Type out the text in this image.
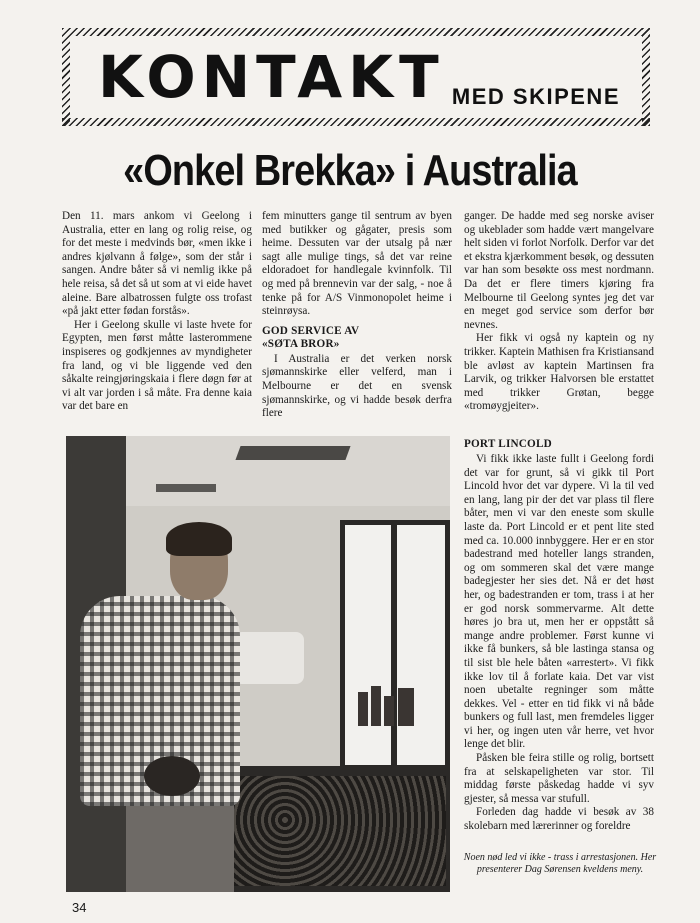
KONTAKT MED SKIPENE
«Onkel Brekka» i Australia

Den 11. mars ankom vi Geelong i Australia, etter en lang og rolig reise, og for det meste i medvinds bør, «men ikke i andres kjølvann å følge», som der står i sangen. Andre båter så vi nemlig ikke på hele reisa, så det så ut som at vi eide havet aleine. Bare albatrossen fulgte oss trofast «på jakt etter fødan forstås».

Her i Geelong skulle vi laste hvete for Egypten, men først måtte lasterommene inspiseres og godkjennes av myndigheter fra land, og vi ble liggende ved den såkalte reingjøringskaia i flere døgn før at vi alt var jorden i så måte. Fra denne kaia var det bare en

fem minutters gange til sentrum av byen med butikker og gågater, presis som heime. Dessuten var der utsalg på nær sagt alle mulige tings, så det var reine eldoradoet for handlegale kvinnfolk. Til og med på brennevin var der salg, - noe å tenke på for A/S Vinmonopolet heime i steinrøysa.

GOD SERVICE AV
«SØTA BROR»

I Australia er det verken norsk sjømannskirke eller velferd, man i Melbourne er det en svensk sjømannskirke, og vi hadde besøk derfra flere

ganger. De hadde med seg norske aviser og ukeblader som hadde vært mangelvare helt siden vi forlot Norfolk. Derfor var det et ekstra kjærkomment besøk, og dessuten var han som besøkte oss mest nordmann. Da det er flere timers kjøring fra Melbourne til Geelong syntes jeg det var en meget god service som derfor bør nevnes.

Her fikk vi også ny kaptein og ny trikker. Kaptein Mathisen fra Kristiansand ble avløst av kaptein Martinsen fra Larvik, og trikker Halvorsen ble erstattet med trikker Grøtan, begge «tromøygjeiter».

PORT LINCOLD

Vi fikk ikke laste fullt i Geelong fordi det var for grunt, så vi gikk til Port Lincold hvor det var dypere. Vi la til ved en lang, lang pir der det var plass til flere båter, men vi var den eneste som skulle laste da. Port Lincold er et pent lite sted med ca. 10.000 innbyggere. Her er en stor badestrand med hoteller langs stranden, og om sommeren skal det være mange badegjester her sies det. Nå er det høst her, og badestranden er tom, trass i at her er god norsk sommervarme. Alt dette høres jo bra ut, men her er oppstått så mange andre problemer. Først kunne vi ikke få bunkers, så ble lastinga stansa og til sist ble hele båten «arrestert». Vi fikk ikke lov til å forlate kaia. Det var vist noen ubetalte regninger som måtte dekkes. Vel - etter en tid fikk vi nå både bunkers og full last, men fremdeles ligger vi her, og ingen uten vår herre, vet hvor lenge det blir.

Påsken ble feira stille og rolig, bortsett fra at selskapeligheten var stor. Til middag første påskedag hadde vi syv gjester, så messa var stufull.

Forleden dag hadde vi besøk av 38 skolebarn med lærerinner og foreldre

Noen nød led vi ikke - trass i arrestasjonen. Her presenterer Dag Sørensen kveldens meny.
34
